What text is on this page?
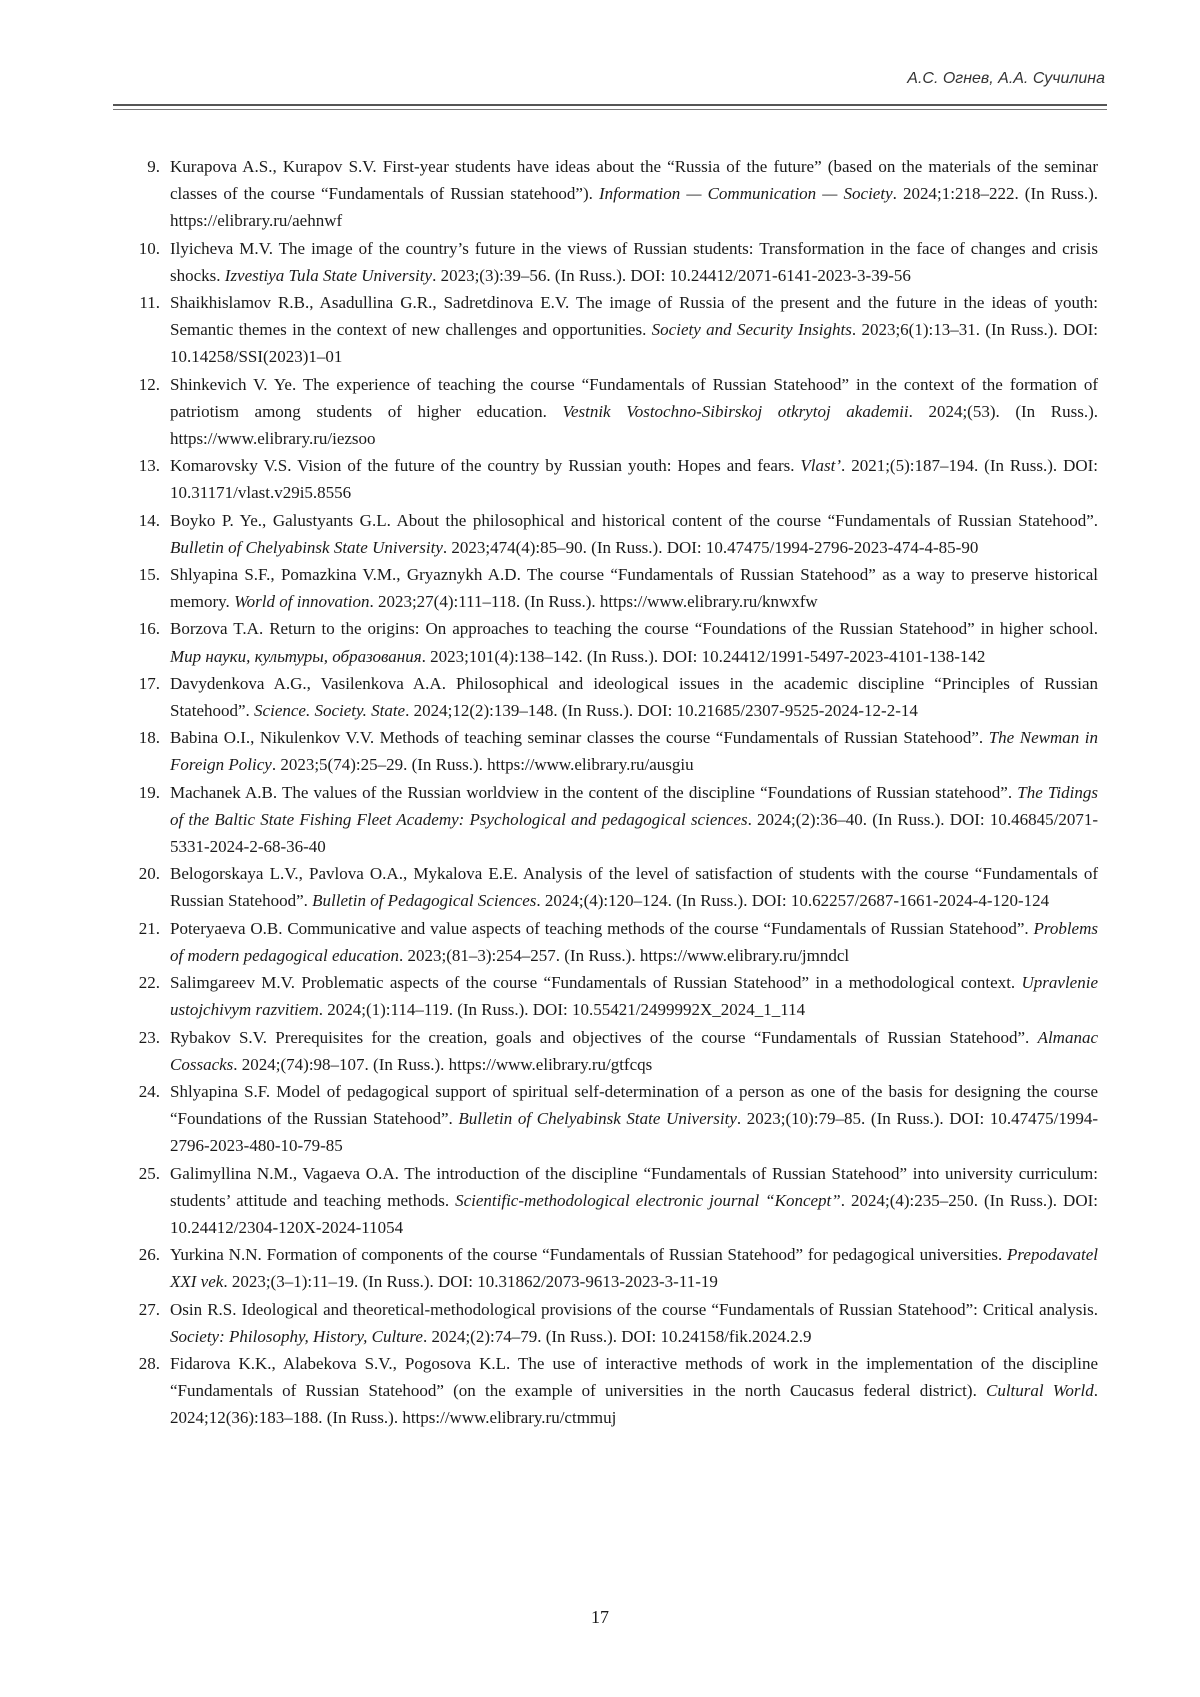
А.С. Огнев, А.А. Сучилина
9. Kurapova A.S., Kurapov S.V. First-year students have ideas about the “Russia of the future” (based on the materials of the seminar classes of the course “Fundamentals of Russian statehood”). Information — Communication — Society. 2024;1:218–222. (In Russ.). https://elibrary.ru/aehnwf
10. Ilyicheva M.V. The image of the country’s future in the views of Russian students: Transformation in the face of changes and crisis shocks. Izvestiya Tula State University. 2023;(3):39–56. (In Russ.). DOI: 10.24412/2071-6141-2023-3-39-56
11. Shaikhislamov R.B., Asadullina G.R., Sadretdinova E.V. The image of Russia of the present and the future in the ideas of youth: Semantic themes in the context of new challenges and opportunities. Society and Security Insights. 2023;6(1):13–31. (In Russ.). DOI: 10.14258/SSI(2023)1–01
12. Shinkevich V. Ye. The experience of teaching the course “Fundamentals of Russian Statehood” in the context of the formation of patriotism among students of higher education. Vestnik Vostochno-Sibirskoj otkrytoj akademii. 2024;(53). (In Russ.). https://www.elibrary.ru/iezsoo
13. Komarovsky V.S. Vision of the future of the country by Russian youth: Hopes and fears. Vlast’. 2021;(5):187–194. (In Russ.). DOI: 10.31171/vlast.v29i5.8556
14. Boyko P. Ye., Galustyants G.L. About the philosophical and historical content of the course “Fundamentals of Russian Statehood”. Bulletin of Chelyabinsk State University. 2023;474(4):85–90. (In Russ.). DOI: 10.47475/1994-2796-2023-474-4-85-90
15. Shlyapina S.F., Pomazkina V.M., Gryaznykh A.D. The course “Fundamentals of Russian Statehood” as a way to preserve historical memory. World of innovation. 2023;27(4):111–118. (In Russ.). https://www.elibrary.ru/knwxfw
16. Borzova T.A. Return to the origins: On approaches to teaching the course “Foundations of the Russian Statehood” in higher school. Мир науки, культуры, образования. 2023;101(4):138–142. (In Russ.). DOI: 10.24412/1991-5497-2023-4101-138-142
17. Davydenkova A.G., Vasilenkova A.A. Philosophical and ideological issues in the academic discipline “Principles of Russian Statehood”. Science. Society. State. 2024;12(2):139–148. (In Russ.). DOI: 10.21685/2307-9525-2024-12-2-14
18. Babina O.I., Nikulenkov V.V. Methods of teaching seminar classes the course “Fundamentals of Russian Statehood”. The Newman in Foreign Policy. 2023;5(74):25–29. (In Russ.). https://www.elibrary.ru/ausgiu
19. Machanek A.B. The values of the Russian worldview in the content of the discipline “Foundations of Russian statehood”. The Tidings of the Baltic State Fishing Fleet Academy: Psychological and pedagogical sciences. 2024;(2):36–40. (In Russ.). DOI: 10.46845/2071-5331-2024-2-68-36-40
20. Belogorskaya L.V., Pavlova O.A., Mykalova E.E. Analysis of the level of satisfaction of students with the course “Fundamentals of Russian Statehood”. Bulletin of Pedagogical Sciences. 2024;(4):120–124. (In Russ.). DOI: 10.62257/2687-1661-2024-4-120-124
21. Poteryaeva O.B. Communicative and value aspects of teaching methods of the course “Fundamentals of Russian Statehood”. Problems of modern pedagogical education. 2023;(81–3):254–257. (In Russ.). https://www.elibrary.ru/jmndcl
22. Salimgareev M.V. Problematic aspects of the course “Fundamentals of Russian Statehood” in a methodological context. Upravlenie ustojchivym razvitiem. 2024;(1):114–119. (In Russ.). DOI: 10.55421/2499992X_2024_1_114
23. Rybakov S.V. Prerequisites for the creation, goals and objectives of the course “Fundamentals of Russian Statehood”. Almanac Cossacks. 2024;(74):98–107. (In Russ.). https://www.elibrary.ru/gtfcqs
24. Shlyapina S.F. Model of pedagogical support of spiritual self-determination of a person as one of the basis for designing the course “Foundations of the Russian Statehood”. Bulletin of Chelyabinsk State University. 2023;(10):79–85. (In Russ.). DOI: 10.47475/1994-2796-2023-480-10-79-85
25. Galimyllina N.M., Vagaeva O.A. The introduction of the discipline “Fundamentals of Russian Statehood” into university curriculum: students’ attitude and teaching methods. Scientific-methodological electronic journal “Koncept”. 2024;(4):235–250. (In Russ.). DOI: 10.24412/2304-120X-2024-11054
26. Yurkina N.N. Formation of components of the course “Fundamentals of Russian Statehood” for pedagogical universities. Prepodavatel XXI vek. 2023;(3–1):11–19. (In Russ.). DOI: 10.31862/2073-9613-2023-3-11-19
27. Osin R.S. Ideological and theoretical-methodological provisions of the course “Fundamentals of Russian Statehood”: Critical analysis. Society: Philosophy, History, Culture. 2024;(2):74–79. (In Russ.). DOI: 10.24158/fik.2024.2.9
28. Fidarova K.K., Alabekova S.V., Pogosova K.L. The use of interactive methods of work in the implementation of the discipline “Fundamentals of Russian Statehood” (on the example of universities in the north Caucasus federal district). Cultural World. 2024;12(36):183–188. (In Russ.). https://www.elibrary.ru/ctmmuj
17
